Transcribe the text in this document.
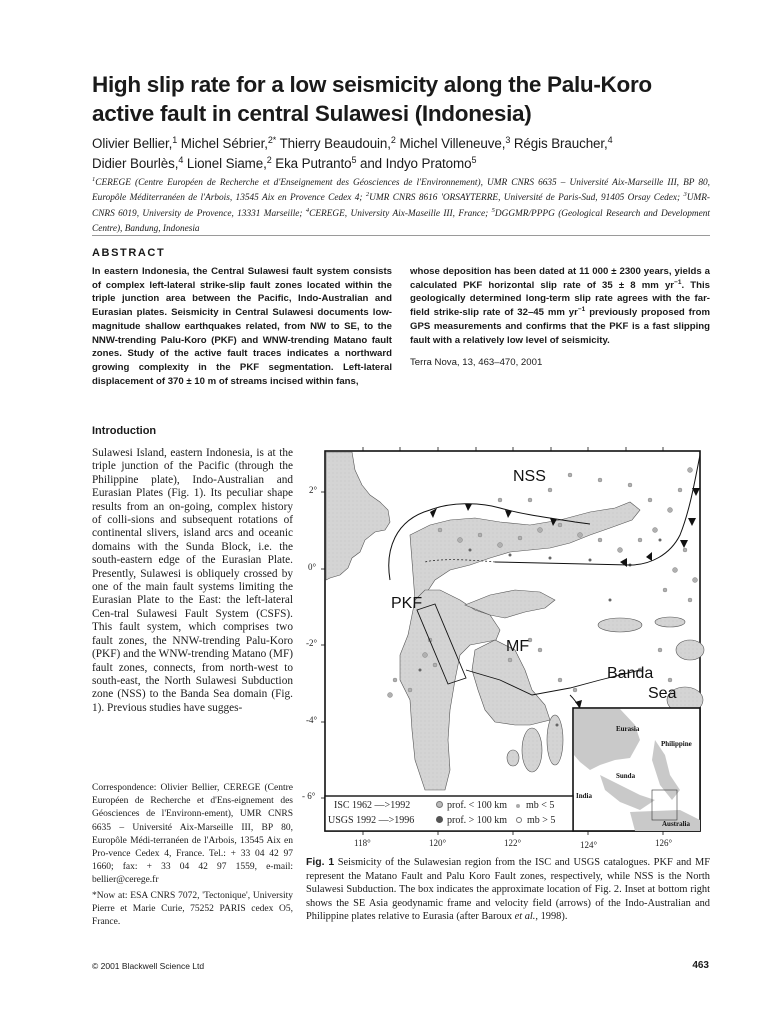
High slip rate for a low seismicity along the Palu-Koro active fault in central Sulawesi (Indonesia)
Olivier Bellier,$^1$ Michel Sébrier,$^{2*}$ Thierry Beaudouin,$^2$ Michel Villeneuve,$^3$ Régis Braucher,$^4$
Didier Bourlès,$^4$ Lionel Siame,$^2$ Eka Putranto$^5$ and Indyo Pratomo$^5$
$^1$CEREGE (Centre Européen de Recherche et d'Enseignement des Géosciences de l'Environnement), UMR CNRS 6635 – Université Aix-Marseille III, BP 80, Europôle Méditerranéen de l'Arbois, 13545 Aix en Provence Cedex 4; $^2$UMR CNRS 8616 'ORSAYTERRE, Université de Paris-Sud, 91405 Orsay Cedex; $^3$UMR-CNRS 6019, University de Provence, 13331 Marseille; $^4$CEREGE, University Aix-Maseille III, France; $^5$DGGMR/PPPG (Geological Research and Development Centre), Bandung, Indonesia
ABSTRACT

In eastern Indonesia, the Central Sulawesi fault system consists of complex left-lateral strike-slip fault zones located within the triple junction area between the Pacific, Indo-Australian and Eurasian plates. Seismicity in Central Sulawesi documents low-magnitude shallow earthquakes related, from NW to SE, to the NNW-trending Palu-Koro (PKF) and WNW-trending Matano fault zones. Study of the active fault traces indicates a northward growing complexity in the PKF segmentation. Left-lateral displacement of 370 ± 10 m of streams incised within fans,

whose deposition has been dated at 11 000 ± 2300 years, yields a calculated PKF horizontal slip rate of 35 ± 8 mm $yr^{-1}$. This geologically determined long-term slip rate agrees with the far-field strike-slip rate of 32–45 mm $yr^{-1}$ previously proposed from GPS measurements and confirms that the PKF is a fast slipping fault with a relatively low level of seismicity.

Terra Nova, 13, 463–470, 2001
Introduction

Sulawesi Island, eastern Indonesia, is at the triple junction of the Pacific (through the Philippine plate), Indo-Australian and Eurasian Plates (Fig. 1). Its peculiar shape results from an on-going, complex history of colli-sions and subsequent rotations of continental slivers, island arcs and oceanic domains with the Sunda Block, i.e. the south-eastern edge of the Eurasian Plate. Presently, Sulawesi is obliquely crossed by one of the main fault systems limiting the Eurasian Plate to the East: the left-lateral Cen-tral Sulawesi Fault System (CSFS). This fault system, which comprises two fault zones, the NNW-trending Palu-Koro (PKF) and the WNW-trending Matano (MF) fault zones, connects, from north-west to south-east, the North Sulawesi Subduction zone (NSS) to the Banda Sea domain (Fig. 1). Previous studies have sugges-

Correspondence: Olivier Bellier, CEREGE (Centre Européen de Recherche et d'Ens-eignement des Géosciences de l'Environn-ement), UMR CNRS 6635 – Université Aix-Marseille III, BP 80, Europôle Médi-terranéen de l'Arbois, 13545 Aix en Pro-vence Cedex 4, France. Tel.: + 33 04 42 97 1660; fax: + 33 04 42 97 1559, e-mail: bellier@cerege.fr

*Now at: ESA CNRS 7072, 'Tectonique', University Pierre et Marie Curie, 75252 PARIS cedex O5, France.

2°
0°
-2°
-4°
- 6°
118°	120°	122°	124°	126°
NSS
PKF
MF
Banda
Sea
Eurasia
Philippine
Sunda
India
Australia
ISC 1962 —>1992
USGS 1992 —>1996
prof. < 100 km
prof. > 100 km
mb < 5
mb > 5

Fig. 1 Seismicity of the Sulawesian region from the ISC and USGS catalogues. PKF and MF represent the Matano Fault and Palu Koro Fault zones, respectively, while NSS is the North Sulawesi Subduction. The box indicates the approximate location of Fig. 2. Inset at bottom right shows the SE Asia geodynamic frame and velocity field (arrows) of the Indo-Australian and Philippine plates relative to Eurasia (after Baroux et al., 1998).

© 2001 Blackwell Science Ltd	463
